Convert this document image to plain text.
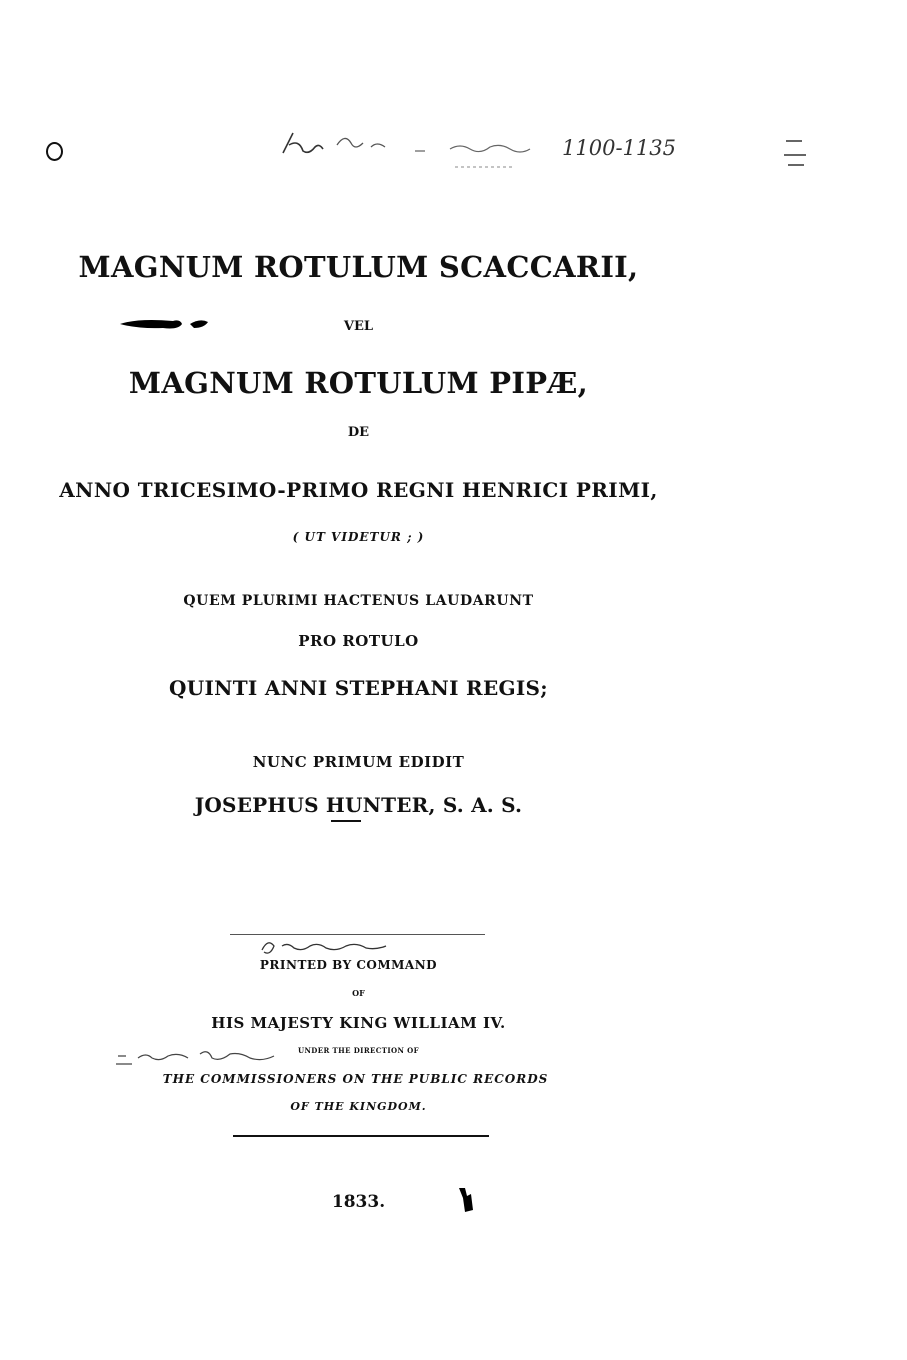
1100-1135
MAGNUM ROTULUM SCACCARII,
VEL
MAGNUM ROTULUM PIPÆ,
DE
ANNO TRICESIMO-PRIMO REGNI HENRICI PRIMI,
( UT VIDETUR ; )
QUEM PLURIMI HACTENUS LAUDARUNT
PRO ROTULO
QUINTI ANNI STEPHANI REGIS;
NUNC PRIMUM EDIDIT
JOSEPHUS HUNTER, S. A. S.
PRINTED BY COMMAND
OF
HIS MAJESTY KING WILLIAM IV.
UNDER THE DIRECTION OF
THE COMMISSIONERS ON THE PUBLIC RECORDS
OF THE KINGDOM.
1833.
